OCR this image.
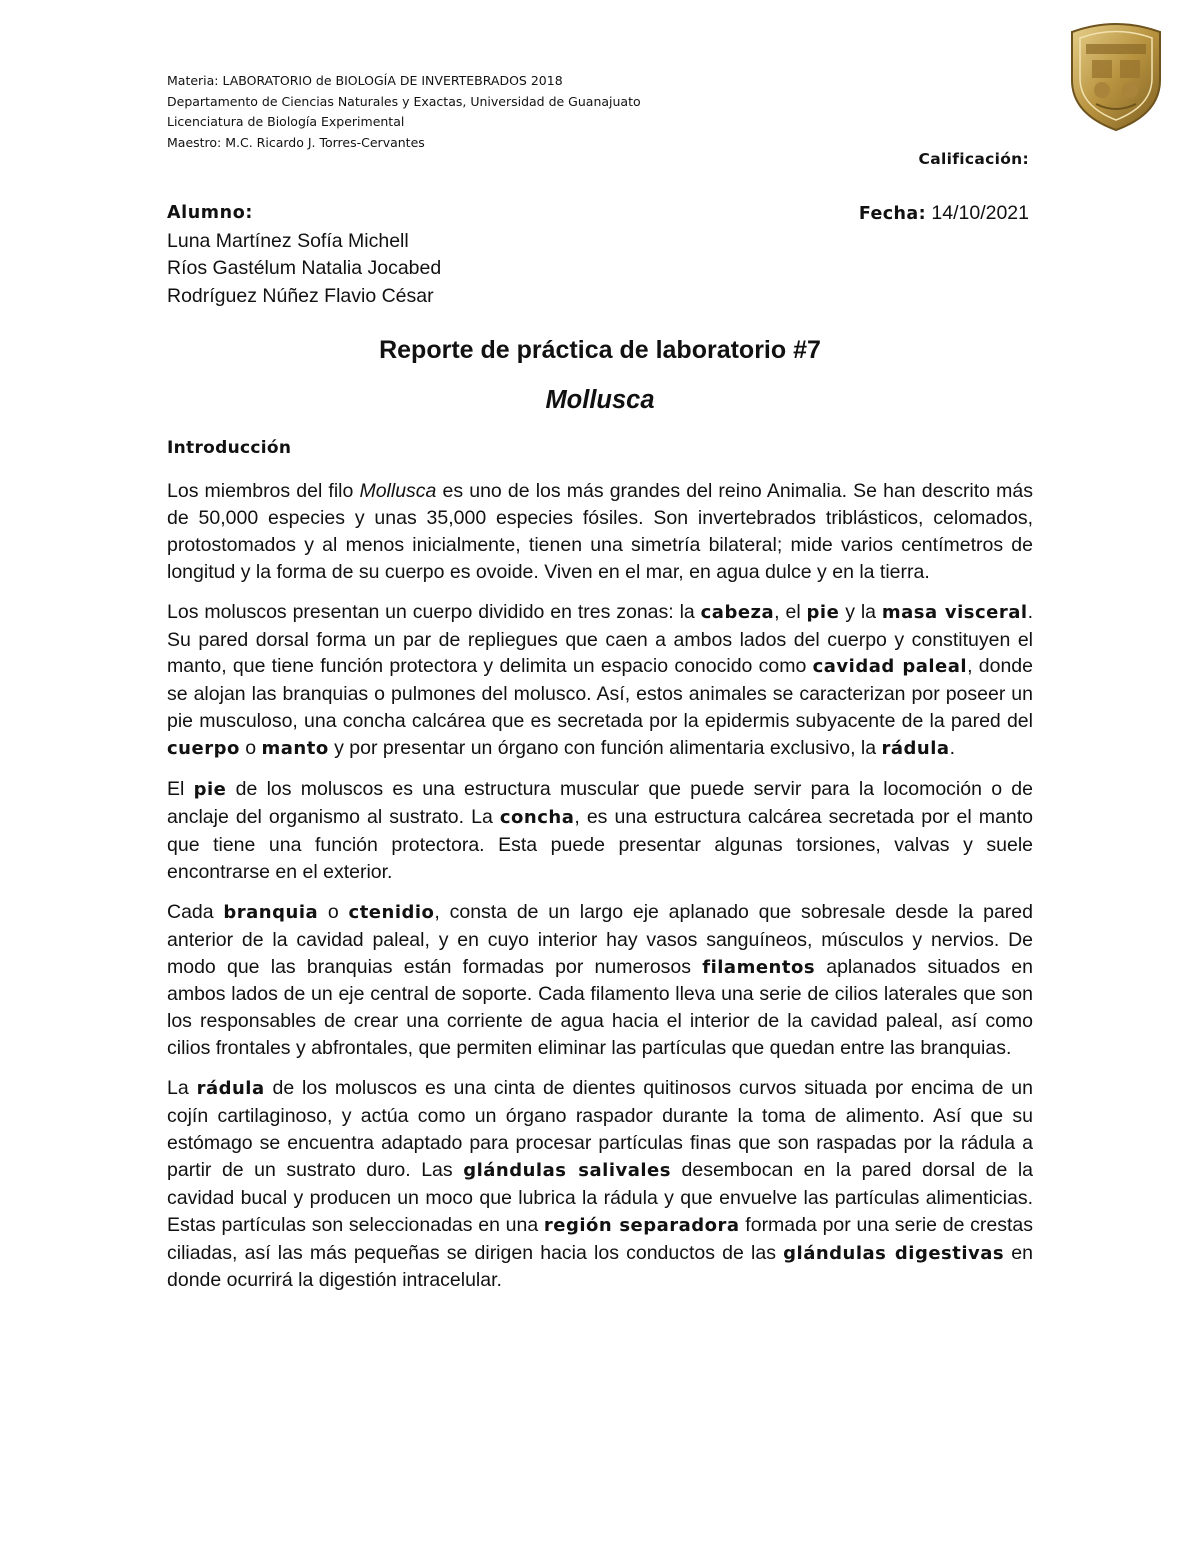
Materia: LABORATORIO de BIOLOGÍA DE INVERTEBRADOS 2018
Departamento de Ciencias Naturales y Exactas, Universidad de Guanajuato
Licenciatura de Biología Experimental
Maestro: M.C. Ricardo J. Torres-Cervantes
Calificación:
Alumno:
Luna Martínez Sofía Michell
Ríos Gastélum Natalia Jocabed
Rodríguez Núñez Flavio César
Fecha: 14/10/2021
Reporte de práctica de laboratorio #7
Mollusca
Introducción

Los miembros del filo Mollusca es uno de los más grandes del reino Animalia. Se han descrito más de 50,000 especies y unas 35,000 especies fósiles. Son invertebrados triblásticos, celomados, protostomados y al menos inicialmente, tienen una simetría bilateral; mide varios centímetros de longitud y la forma de su cuerpo es ovoide. Viven en el mar, en agua dulce y en la tierra.

Los moluscos presentan un cuerpo dividido en tres zonas: la cabeza, el pie y la masa visceral. Su pared dorsal forma un par de repliegues que caen a ambos lados del cuerpo y constituyen el manto, que tiene función protectora y delimita un espacio conocido como cavidad paleal, donde se alojan las branquias o pulmones del molusco. Así, estos animales se caracterizan por poseer un pie musculoso, una concha calcárea que es secretada por la epidermis subyacente de la pared del cuerpo o manto y por presentar un órgano con función alimentaria exclusivo, la rádula.

El pie de los moluscos es una estructura muscular que puede servir para la locomoción o de anclaje del organismo al sustrato. La concha, es una estructura calcárea secretada por el manto que tiene una función protectora. Esta puede presentar algunas torsiones, valvas y suele encontrarse en el exterior.

Cada branquia o ctenidio, consta de un largo eje aplanado que sobresale desde la pared anterior de la cavidad paleal, y en cuyo interior hay vasos sanguíneos, músculos y nervios. De modo que las branquias están formadas por numerosos filamentos aplanados situados en ambos lados de un eje central de soporte. Cada filamento lleva una serie de cilios laterales que son los responsables de crear una corriente de agua hacia el interior de la cavidad paleal, así como cilios frontales y abfrontales, que permiten eliminar las partículas que quedan entre las branquias.

La rádula de los moluscos es una cinta de dientes quitinosos curvos situada por encima de un cojín cartilaginoso, y actúa como un órgano raspador durante la toma de alimento. Así que su estómago se encuentra adaptado para procesar partículas finas que son raspadas por la rádula a partir de un sustrato duro. Las glándulas salivales desembocan en la pared dorsal de la cavidad bucal y producen un moco que lubrica la rádula y que envuelve las partículas alimenticias. Estas partículas son seleccionadas en una región separadora formada por una serie de crestas ciliadas, así las más pequeñas se dirigen hacia los conductos de las glándulas digestivas en donde ocurrirá la digestión intracelular.
